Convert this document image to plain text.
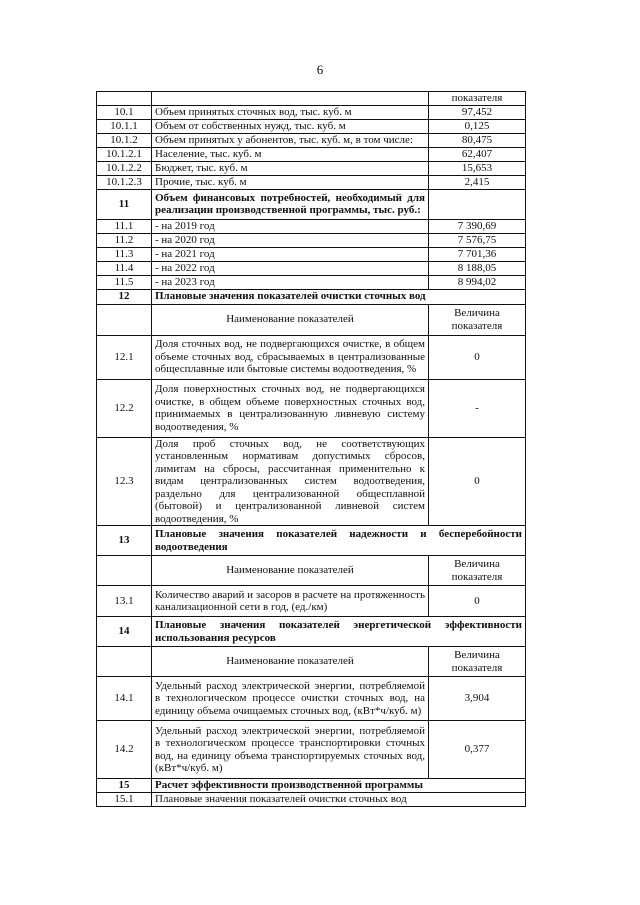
6
		показателя
10.1	Объем принятых сточных вод, тыс. куб. м	97,452
10.1.1	Объем от собственных нужд, тыс. куб. м	0,125
10.1.2	Объем принятых у абонентов, тыс. куб. м, в том числе:	80,475
10.1.2.1	Население, тыс. куб. м	62,407
10.1.2.2	Бюджет, тыс. куб. м	15,653
10.1.2.3	Прочие, тыс. куб. м	2,415
11	Объем финансовых потребностей, необходимый для реализации производственной программы, тыс. руб.:	
11.1	- на 2019 год	7 390,69
11.2	- на 2020 год	7 576,75
11.3	- на 2021 год	7 701,36
11.4	- на 2022 год	8 188,05
11.5	- на 2023 год	8 994,02
12	Плановые значения показателей очистки сточных вод	
	Наименование показателей	Величина показателя
12.1	Доля сточных вод, не подвергающихся очистке, в общем объеме сточных вод, сбрасываемых в централизованные общесплавные или бытовые системы водоотведения, %	0
12.2	Доля поверхностных сточных вод, не подвергающихся очистке, в общем объеме поверхностных сточных вод, принимаемых в централизованную ливневую систему водоотведения, %	-
12.3	Доля проб сточных вод, не соответствующих установленным нормативам допустимых сбросов, лимитам на сбросы, рассчитанная применительно к видам централизованных систем водоотведения, раздельно для централизованной общесплавной (бытовой) и централизованной ливневой систем водоотведения, %	0
13	Плановые значения показателей надежности и бесперебойности водоотведения	
	Наименование показателей	Величина показателя
13.1	Количество аварий и засоров в расчете на протяженность канализационной сети в год, (ед./км)	0
14	Плановые значения показателей энергетической эффективности использования ресурсов	
	Наименование показателей	Величина показателя
14.1	Удельный расход электрической энергии, потребляемой в технологическом процессе очистки сточных вод, на единицу объема очищаемых сточных вод, (кВт*ч/куб. м)	3,904
14.2	Удельный расход электрической энергии, потребляемой в технологическом процессе транспортировки сточных вод, на единицу объема транспортируемых сточных вод, (кВт*ч/куб. м)	0,377
15	Расчет эффективности производственной программы	
15.1	Плановые значения показателей очистки сточных вод	
